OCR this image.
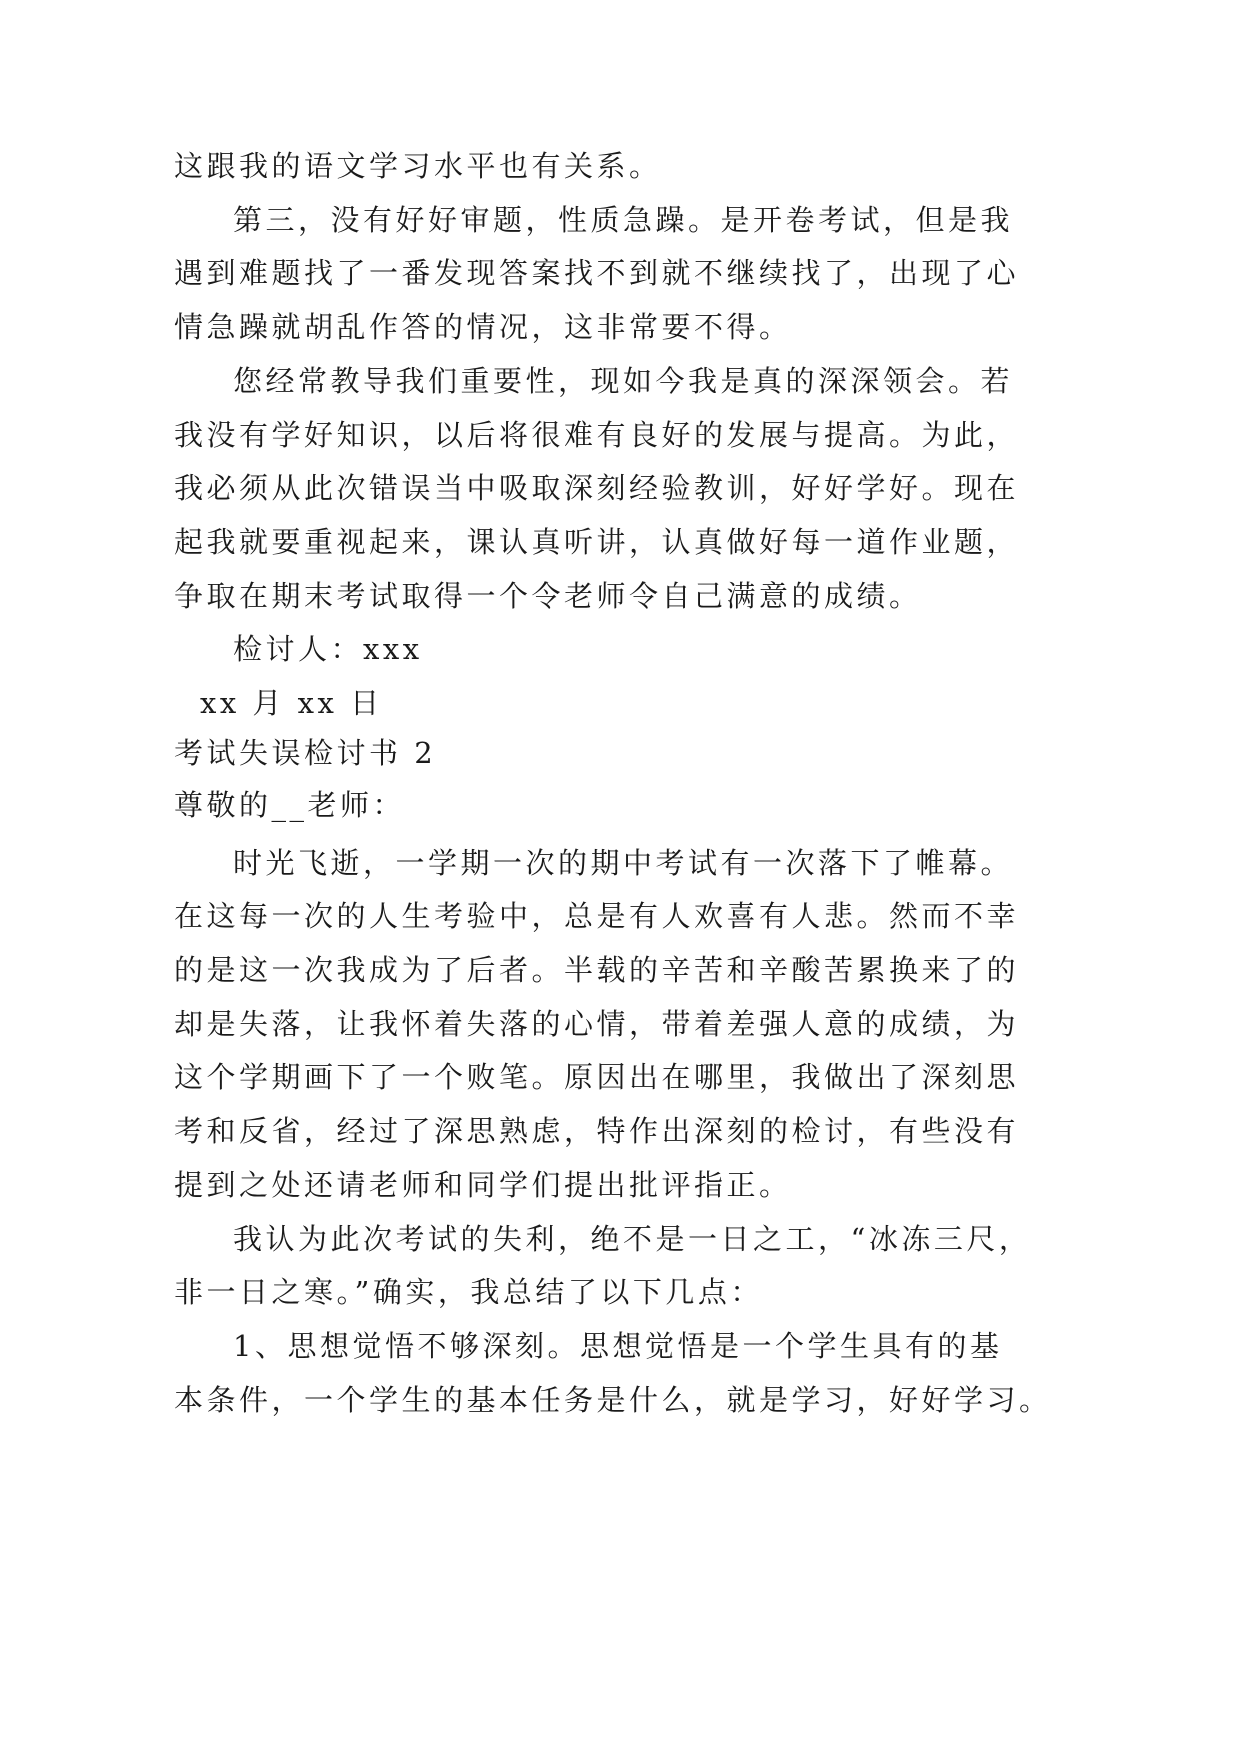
这跟我的语文学习水平也有关系。
第三，没有好好审题，性质急躁。是开卷考试，但是我
遇到难题找了一番发现答案找不到就不继续找了，出现了心
情急躁就胡乱作答的情况，这非常要不得。
您经常教导我们重要性，现如今我是真的深深领会。若
我没有学好知识，以后将很难有良好的发展与提高。为此，
我必须从此次错误当中吸取深刻经验教训，好好学好。现在
起我就要重视起来，课认真听讲，认真做好每一道作业题，
争取在期末考试取得一个令老师令自己满意的成绩。
检讨人：xxx
xx 月 xx 日
考试失误检讨书 2
尊敬的__老师：
时光飞逝，一学期一次的期中考试有一次落下了帷幕。
在这每一次的人生考验中，总是有人欢喜有人悲。然而不幸
的是这一次我成为了后者。半载的辛苦和辛酸苦累换来了的
却是失落，让我怀着失落的心情，带着差强人意的成绩，为
这个学期画下了一个败笔。原因出在哪里，我做出了深刻思
考和反省，经过了深思熟虑，特作出深刻的检讨，有些没有
提到之处还请老师和同学们提出批评指正。
我认为此次考试的失利，绝不是一日之工，“冰冻三尺，
非一日之寒。”确实，我总结了以下几点：
1、思想觉悟不够深刻。思想觉悟是一个学生具有的基
本条件，一个学生的基本任务是什么，就是学习，好好学习。
